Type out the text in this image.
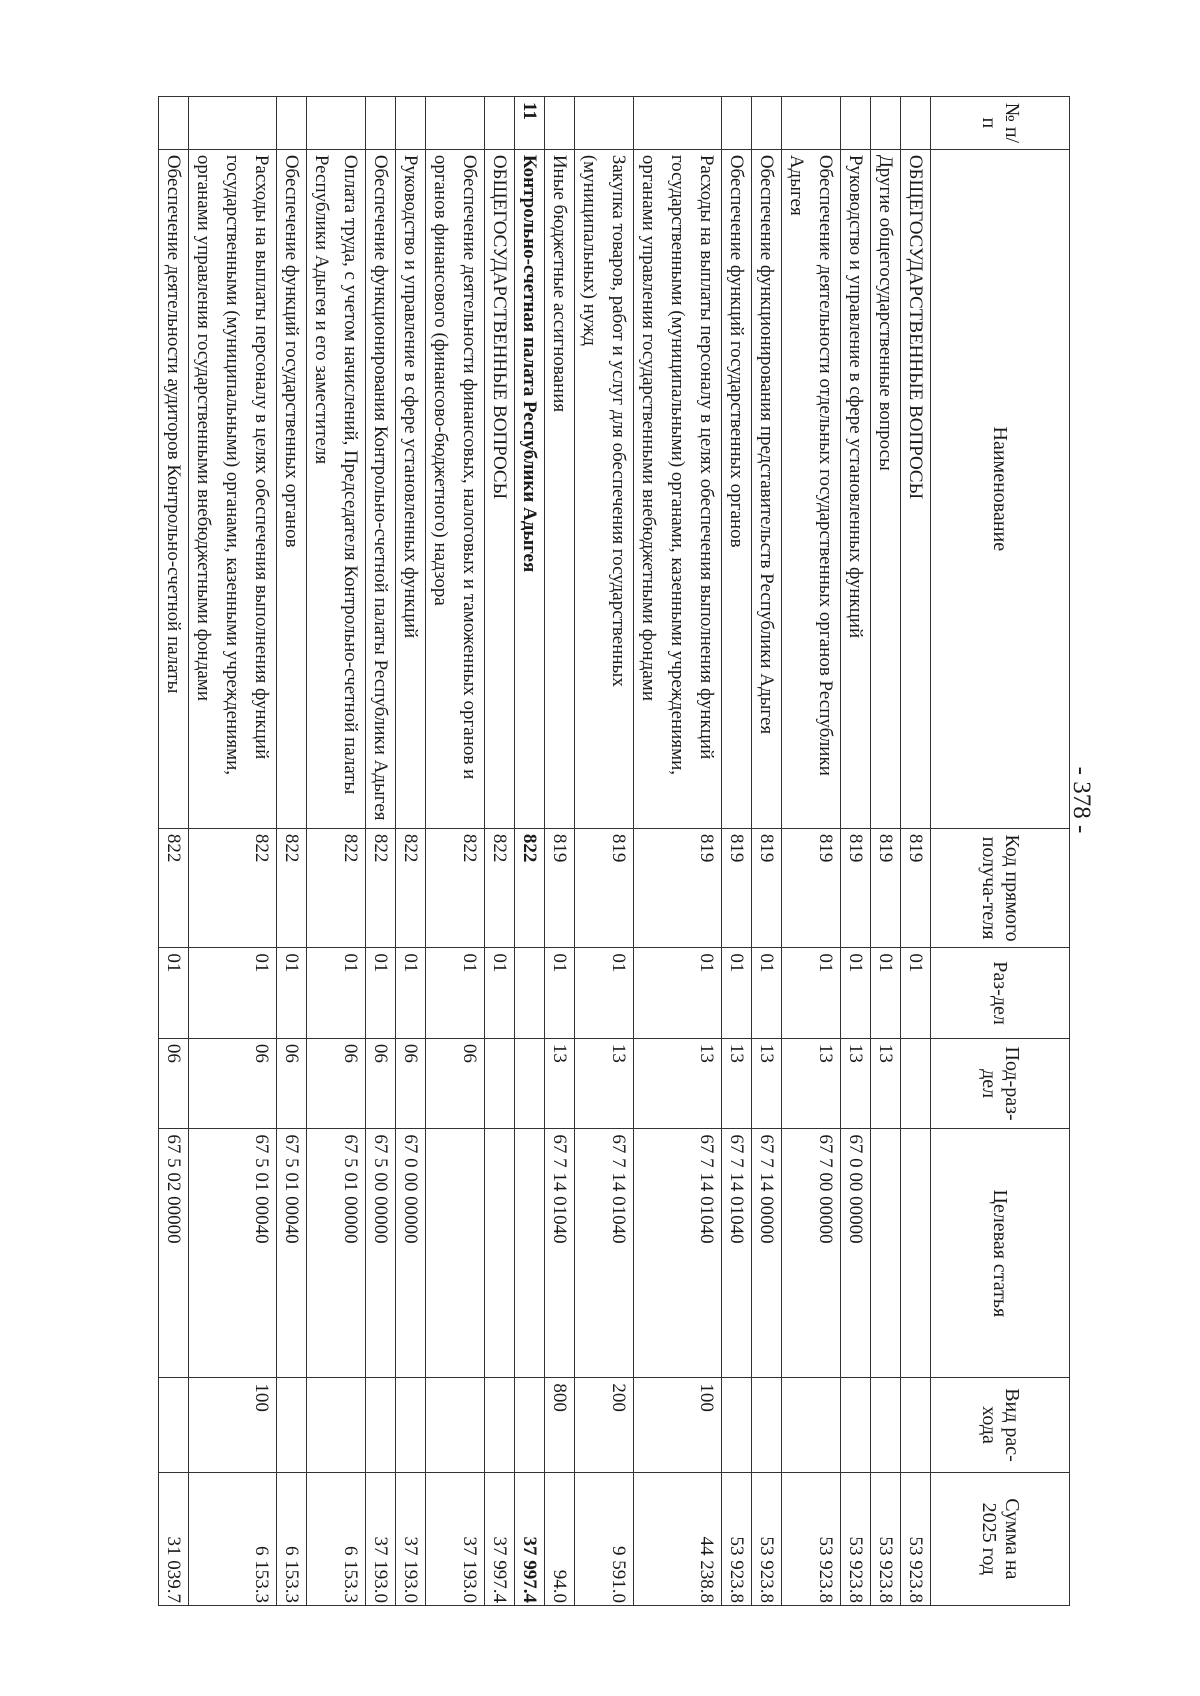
- 378 -
№ п/п	Наименование	Код прямого получа-теля	Раз-дел	Под-раз-дел	Целевая статья	Вид рас-хода	Сумма на 2025 год
	ОБЩЕГОСУДАРСТВЕННЫЕ ВОПРОСЫ	819	01				53 923.8
	Другие общегосударственные вопросы	819	01	13			53 923.8
	Руководство и управление в сфере установленных функций	819	01	13	67 0 00 00000		53 923.8
	Обеспечение деятельности отдельных государственных органов Республики Адыгея	819	01	13	67 7 00 00000		53 923.8
	Обеспечение функционирования представительств Республики Адыгея	819	01	13	67 7 14 00000		53 923.8
	Обеспечение функций государственных органов	819	01	13	67 7 14 01040		53 923.8
	Расходы на выплаты персоналу в целях обеспечения выполнения функций государственными (муниципальными) органами, казенными учреждениями, органами управления государственными внебюджетными фондами	819	01	13	67 7 14 01040	100	44 238.8
	Закупка товаров, работ и услуг для обеспечения государственных (муниципальных) нужд	819	01	13	67 7 14 01040	200	9 591.0
	Иные бюджетные ассигнования	819	01	13	67 7 14 01040	800	94.0
11	Контрольно-счетная палата Республики Адыгея	822					37 997.4
	ОБЩЕГОСУДАРСТВЕННЫЕ ВОПРОСЫ	822	01				37 997.4
	Обеспечение деятельности финансовых, налоговых и таможенных органов и органов финансового (финансово-бюджетного) надзора	822	01	06			37 193.0
	Руководство и управление в сфере установленных функций	822	01	06	67 0 00 00000		37 193.0
	Обеспечение функционирования Контрольно-счетной палаты Республики Адыгея	822	01	06	67 5 00 00000		37 193.0
	Оплата труда, с учетом начислений, Председателя Контрольно-счетной палаты Республики Адыгея и его заместителя	822	01	06	67 5 01 00000		6 153.3
	Обеспечение функций государственных органов	822	01	06	67 5 01 00040		6 153.3
	Расходы на выплаты персоналу в целях обеспечения выполнения функций государственными (муниципальными) органами, казенными учреждениями, органами управления государственными внебюджетными фондами	822	01	06	67 5 01 00040	100	6 153.3
	Обеспечение деятельности аудиторов Контрольно-счетной палаты	822	01	06	67 5 02 00000		31 039.7
